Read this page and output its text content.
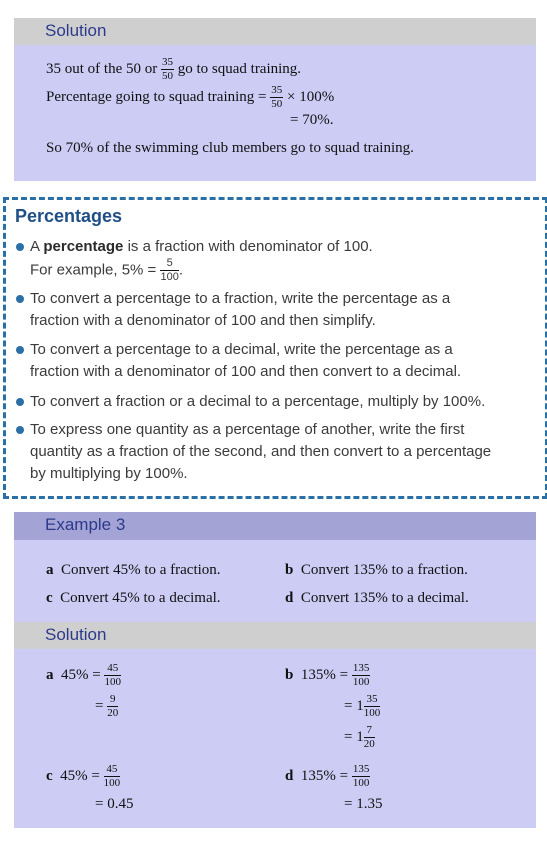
Solution
35 out of the 50 or $\frac{35}{50}$ go to squad training.
Percentage going to squad training = $\frac{35}{50} \times 100\%$
= 70%.
So 70% of the swimming club members go to squad training.
Percentages
A percentage is a fraction with denominator of 100.
For example, $5\% = \frac{5}{100}$ .
To convert a percentage to a fraction, write the percentage as a
fraction with a denominator of 100 and then simplify.
To convert a percentage to a decimal, write the percentage as a
fraction with a denominator of 100 and then convert to a decimal.
To convert a fraction or a decimal to a percentage, multiply by 100%.
To express one quantity as a percentage of another, write the first
quantity as a fraction of the second, and then convert to a percentage
by multiplying by 100%.
Example 3
a Convert 45% to a fraction.	b Convert 135% to a fraction.
c Convert 45% to a decimal.	d Convert 135% to a decimal.
Solution
a $45\% = \frac{45}{100}$
= $\frac{9}{20}$
b $135\% = \frac{135}{100}$
= $1 \frac{35}{100}$
= $1 \frac{7}{20}$
c $45\% = \frac{45}{100}$
= 0.45
d $135\% = \frac{135}{100}$
= 1.35
